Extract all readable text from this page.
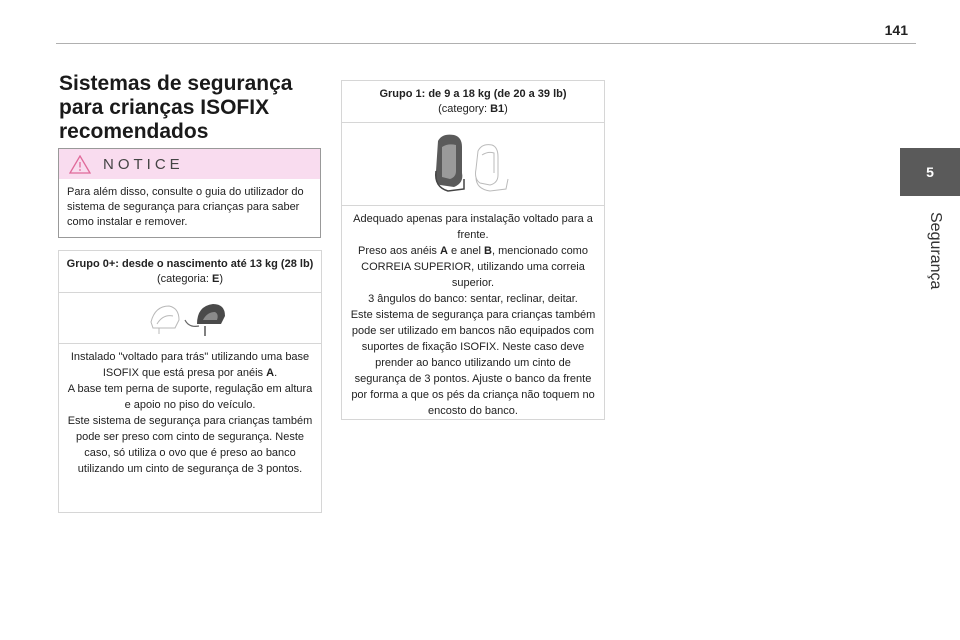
141
5
Segurança
Sistemas de segurança para crianças ISOFIX recomendados
NOTICE
Para além disso, consulte o guia do utilizador do sistema de segurança para crianças para saber como instalar e remover.
Grupo 0+: desde o nascimento até 13 kg (28 lb)
(categoria: E)
Instalado "voltado para trás" utilizando uma base ISOFIX que está presa por anéis A.
A base tem perna de suporte, regulação em altura e apoio no piso do veículo.
Este sistema de segurança para crianças também pode ser preso com cinto de segurança. Neste caso, só utiliza o ovo que é preso ao banco utilizando um cinto de segurança de 3 pontos.
Grupo 1: de 9 a 18 kg (de 20 a 39 lb)
(category: B1)
Adequado apenas para instalação voltado para a frente.
Preso aos anéis A e anel B, mencionado como CORREIA SUPERIOR, utilizando uma correia superior.
3 ângulos do banco: sentar, reclinar, deitar.
Este sistema de segurança para crianças também pode ser utilizado em bancos não equipados com suportes de fixação ISOFIX. Neste caso deve prender ao banco utilizando um cinto de segurança de 3 pontos. Ajuste o banco da frente por forma a que os pés da criança não toquem no encosto do banco.
